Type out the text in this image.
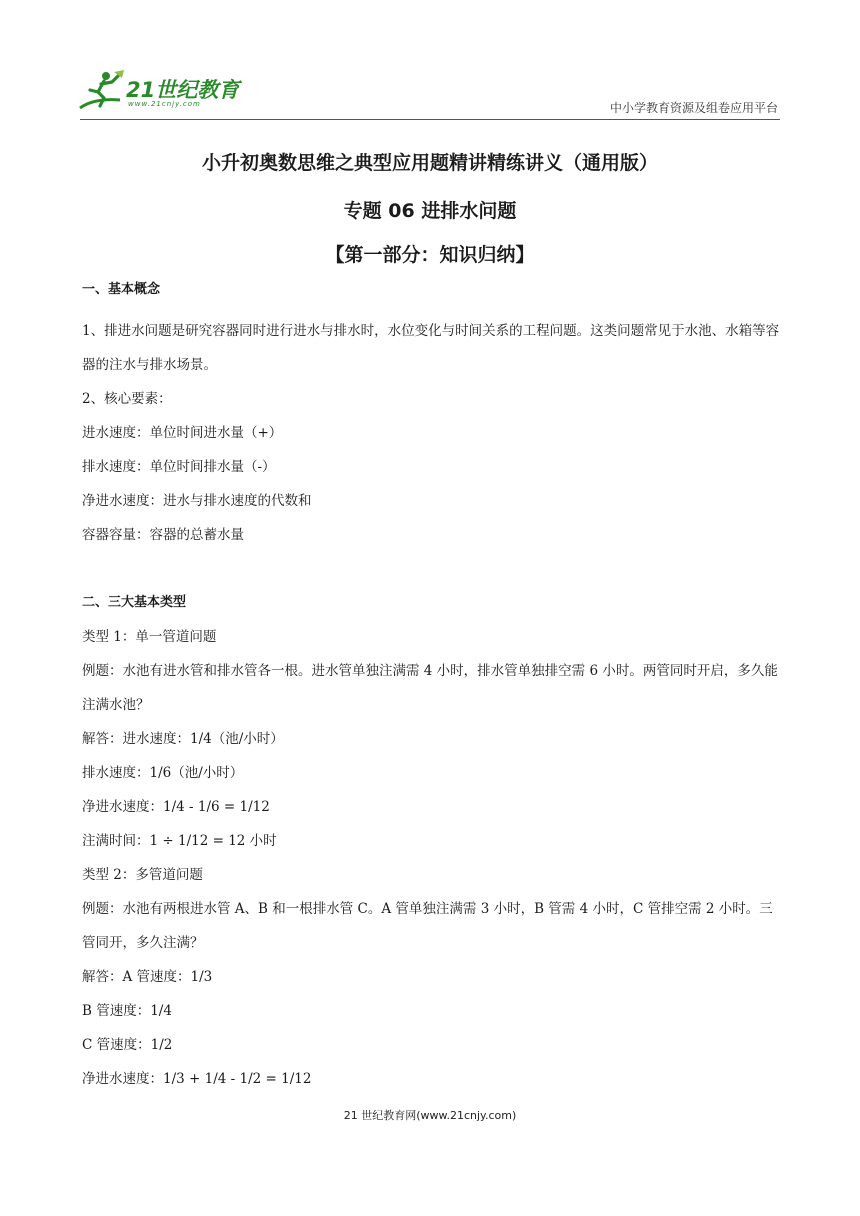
21世纪教育
www.21cnjy.com	中小学教育资源及组卷应用平台
小升初奥数思维之典型应用题精讲精练讲义（通用版）
专题 06 进排水问题
【第一部分：知识归纳】
一、基本概念
1、排进水问题是研究容器同时进行进水与排水时，水位变化与时间关系的工程问题。这类问题常见于水池、水箱等容器的注水与排水场景。
2、核心要素：
进水速度：单位时间进水量（+）
排水速度：单位时间排水量（-）
净进水速度：进水与排水速度的代数和
容器容量：容器的总蓄水量
二、三大基本类型
类型 1：单一管道问题
例题：水池有进水管和排水管各一根。进水管单独注满需 4 小时，排水管单独排空需 6 小时。两管同时开启，多久能注满水池？
解答：进水速度：1/4（池/小时）
排水速度：1/6（池/小时）
净进水速度：1/4 - 1/6 = 1/12
注满时间：1 ÷ 1/12 = 12 小时
类型 2：多管道问题
例题：水池有两根进水管 A、B 和一根排水管 C。A 管单独注满需 3 小时，B 管需 4 小时，C 管排空需 2 小时。三管同开，多久注满？
解答：A 管速度：1/3
B 管速度：1/4
C 管速度：1/2
净进水速度：1/3 + 1/4 - 1/2 = 1/12
21 世纪教育网(www.21cnjy.com)
